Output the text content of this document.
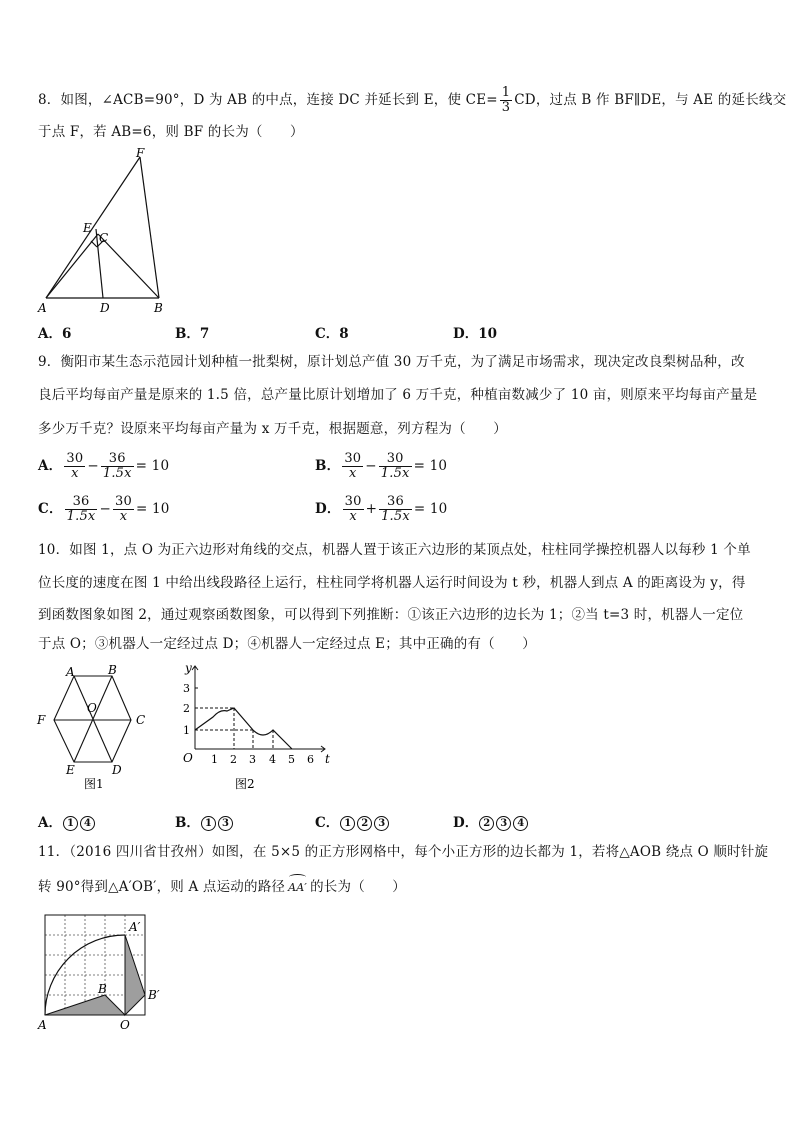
8．如图，∠ACB=90°，D 为 AB 的中点，连接 DC 并延长到 E，使 $CE= \frac{1}{3}$ CD，过点 B 作 BF∥DE，与 AE 的延长线交
于点 F，若 AB=6，则 BF 的长为（　　）
F
E
C
A	D	B
A．6	B．7	C．8	D．10
9．衡阳市某生态示范园计划种植一批梨树，原计划总产值 30 万千克，为了满足市场需求，现决定改良梨树品种，改
良后平均每亩产量是原来的 1.5 倍，总产量比原计划增加了 6 万千克，种植亩数减少了 10 亩，则原来平均每亩产量是
多少万千克？设原来平均每亩产量为 x 万千克，根据题意，列方程为（　　）
A． $\frac{30}{x} - \frac{36}{1.5x} = 10$	B． $\frac{30}{x} - \frac{30}{1.5x} = 10$
C． $\frac{36}{1.5x} - \frac{30}{x} = 10$	D． $\frac{30}{x} + \frac{36}{1.5x} = 10$
10．如图 1，点 O 为正六边形对角线的交点，机器人置于该正六边形的某顶点处，柱柱同学操控机器人以每秒 1 个单
位长度的速度在图 1 中给出线段路径上运行，柱柱同学将机器人运行时间设为 t 秒，机器人到点 A 的距离设为 y，得
到函数图象如图 2，通过观察函数图象，可以得到下列推断：①该正六边形的边长为 1；②当 t=3 时，机器人一定位
于点 O；③机器人一定经过点 D；④机器人一定经过点 E；其中正确的有（　　）
A	B
C
D
E
F
O
图1
y
t
O
1
2
3
1 2 3 4 5 6
图2
A． 1 4	B． 1 3	C． 1 2 3	D． 2 3 4
11．（2016 四川省甘孜州）如图，在 5×5 的正方形网格中，每个小正方形的边长都为 1，若将△AOB 绕点 O 顺时针旋
转 90°得到△A′OB′，则 A 点运动的路径 AA′ 的长为（　　）
A	O
B
A′
B′
